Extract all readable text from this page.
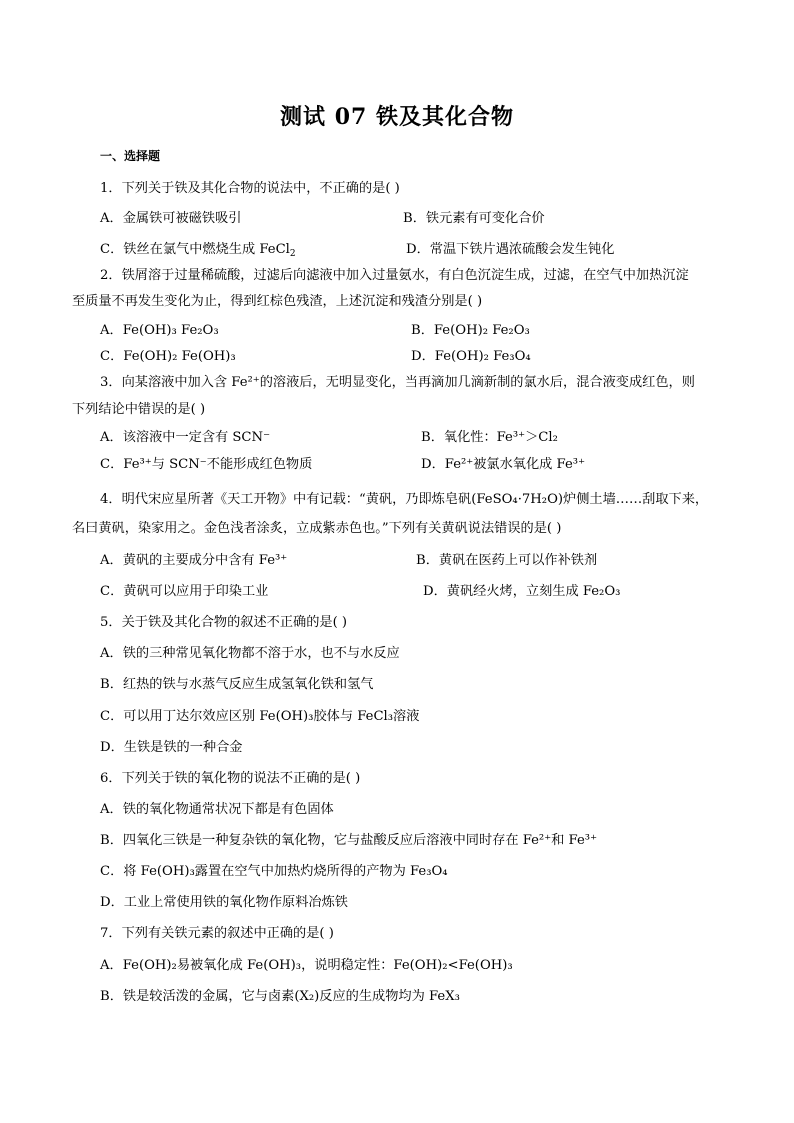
测试 07 铁及其化合物
一、选择题
1．下列关于铁及其化合物的说法中，不正确的是( )
A．金属铁可被磁铁吸引	B．铁元素有可变化合价
C．铁丝在氯气中燃烧生成 FeCl$_2$	D．常温下铁片遇浓硫酸会发生钝化
2．铁屑溶于过量稀硫酸，过滤后向滤液中加入过量氨水，有白色沉淀生成，过滤，在空气中加热沉淀
至质量不再发生变化为止，得到红棕色残渣，上述沉淀和残渣分别是( )
A．Fe(OH)₃ Fe₂O₃	B．Fe(OH)₂ Fe₂O₃
C．Fe(OH)₂ Fe(OH)₃	D．Fe(OH)₂ Fe₃O₄
3．向某溶液中加入含 Fe²⁺的溶液后，无明显变化，当再滴加几滴新制的氯水后，混合液变成红色，则
下列结论中错误的是( )
A．该溶液中一定含有 SCN⁻	B．氧化性：Fe³⁺＞Cl₂
C．Fe³⁺与 SCN⁻不能形成红色物质	D．Fe²⁺被氯水氧化成 Fe³⁺
4．明代宋应星所著《天工开物》中有记载：“黄矾，乃即炼皂矾(FeSO₄·7H₂O)炉侧土墙……刮取下来，
名曰黄矾，染家用之。金色浅者涂炙，立成紫赤色也。”下列有关黄矾说法错误的是( )
A．黄矾的主要成分中含有 Fe³⁺	B．黄矾在医药上可以作补铁剂
C．黄矾可以应用于印染工业	D．黄矾经火烤，立刻生成 Fe₂O₃
5．关于铁及其化合物的叙述不正确的是( )
A．铁的三种常见氧化物都不溶于水，也不与水反应
B．红热的铁与水蒸气反应生成氢氧化铁和氢气
C．可以用丁达尔效应区别 Fe(OH)₃胶体与 FeCl₃溶液
D．生铁是铁的一种合金
6．下列关于铁的氧化物的说法不正确的是( )
A．铁的氧化物通常状况下都是有色固体
B．四氧化三铁是一种复杂铁的氧化物，它与盐酸反应后溶液中同时存在 Fe²⁺和 Fe³⁺
C．将 Fe(OH)₃露置在空气中加热灼烧所得的产物为 Fe₃O₄
D．工业上常使用铁的氧化物作原料冶炼铁
7．下列有关铁元素的叙述中正确的是( )
A．Fe(OH)₂易被氧化成 Fe(OH)₃，说明稳定性：Fe(OH)₂<Fe(OH)₃
B．铁是较活泼的金属，它与卤素(X₂)反应的生成物均为 FeX₃
